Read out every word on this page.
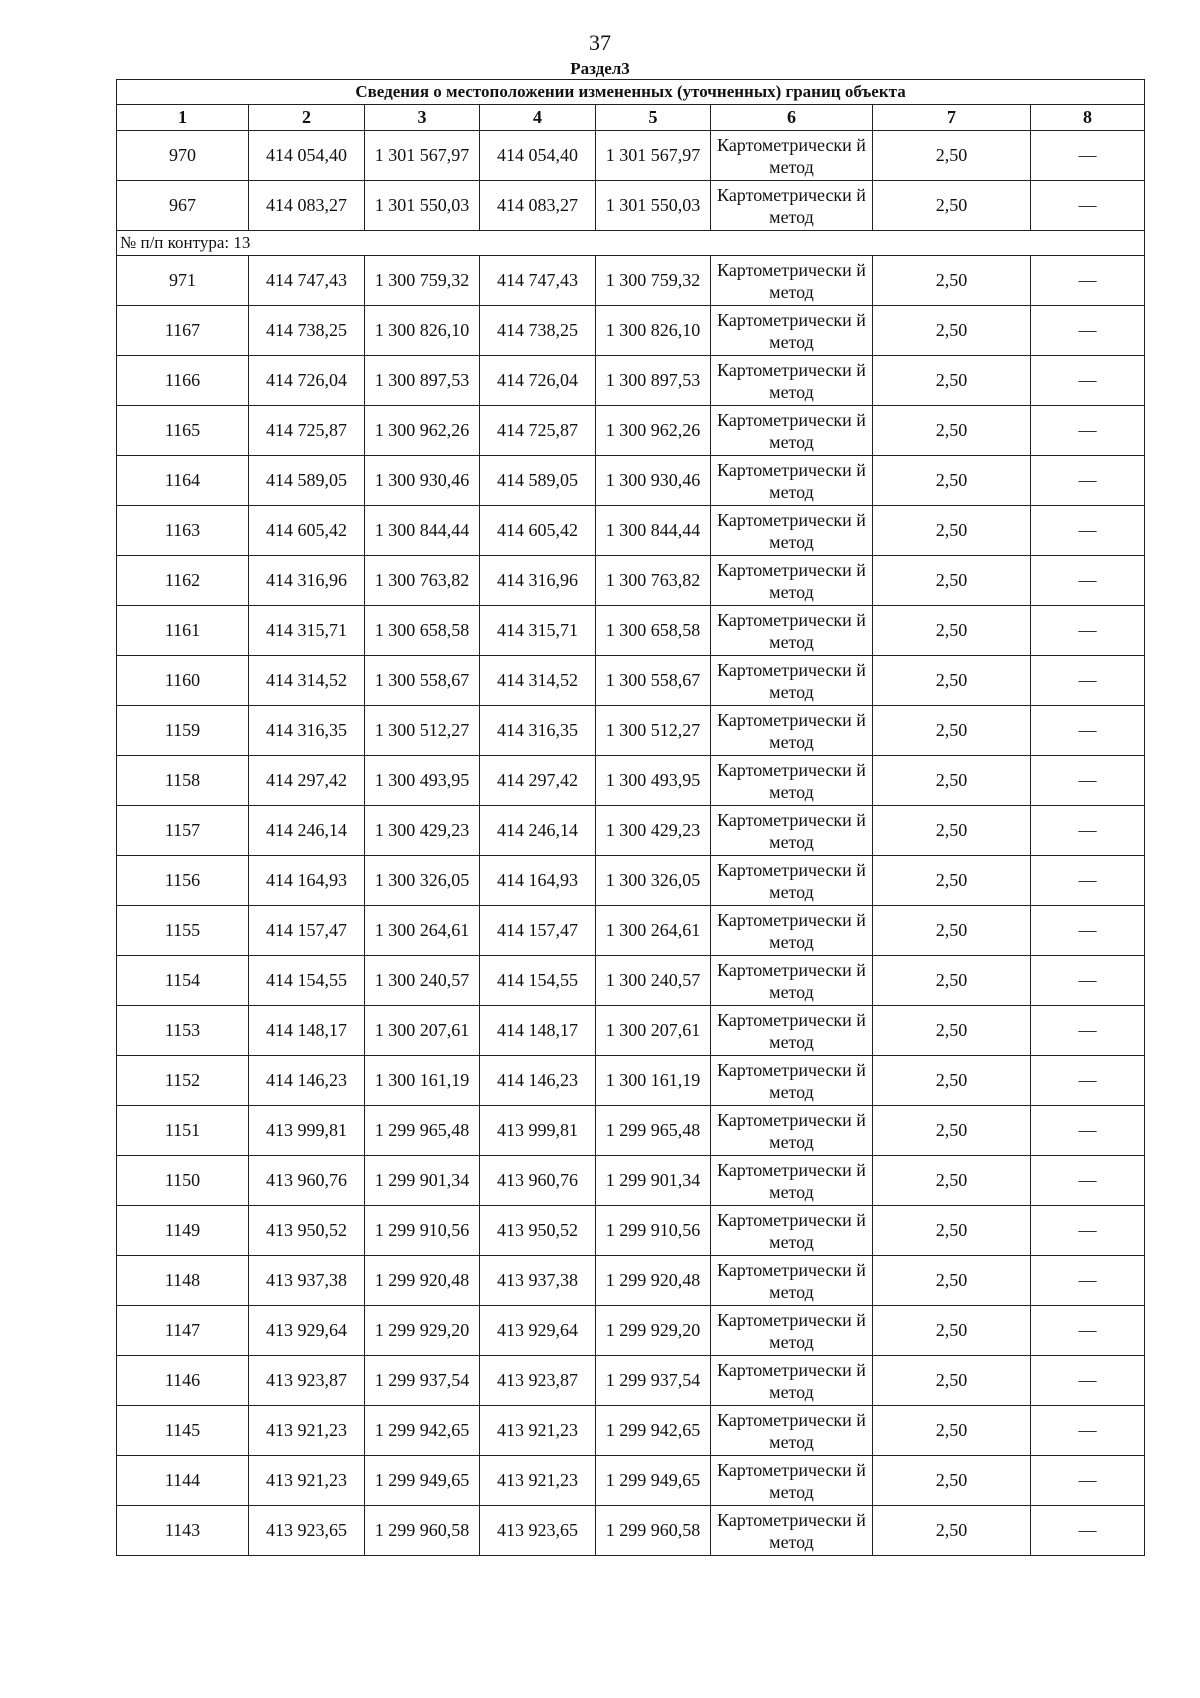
37
Раздел3
Сведения о местоположении измененных (уточненных) границ объекта							
1	2	3	4	5	6	7	8
970	414 054,40	1 301 567,97	414 054,40	1 301 567,97	Картометрически й метод	2,50	—
967	414 083,27	1 301 550,03	414 083,27	1 301 550,03	Картометрически й метод	2,50	—
№ п/п контура: 13							
971	414 747,43	1 300 759,32	414 747,43	1 300 759,32	Картометрически й метод	2,50	—
1167	414 738,25	1 300 826,10	414 738,25	1 300 826,10	Картометрически й метод	2,50	—
1166	414 726,04	1 300 897,53	414 726,04	1 300 897,53	Картометрически й метод	2,50	—
1165	414 725,87	1 300 962,26	414 725,87	1 300 962,26	Картометрически й метод	2,50	—
1164	414 589,05	1 300 930,46	414 589,05	1 300 930,46	Картометрически й метод	2,50	—
1163	414 605,42	1 300 844,44	414 605,42	1 300 844,44	Картометрически й метод	2,50	—
1162	414 316,96	1 300 763,82	414 316,96	1 300 763,82	Картометрически й метод	2,50	—
1161	414 315,71	1 300 658,58	414 315,71	1 300 658,58	Картометрически й метод	2,50	—
1160	414 314,52	1 300 558,67	414 314,52	1 300 558,67	Картометрически й метод	2,50	—
1159	414 316,35	1 300 512,27	414 316,35	1 300 512,27	Картометрически й метод	2,50	—
1158	414 297,42	1 300 493,95	414 297,42	1 300 493,95	Картометрически й метод	2,50	—
1157	414 246,14	1 300 429,23	414 246,14	1 300 429,23	Картометрически й метод	2,50	—
1156	414 164,93	1 300 326,05	414 164,93	1 300 326,05	Картометрически й метод	2,50	—
1155	414 157,47	1 300 264,61	414 157,47	1 300 264,61	Картометрически й метод	2,50	—
1154	414 154,55	1 300 240,57	414 154,55	1 300 240,57	Картометрически й метод	2,50	—
1153	414 148,17	1 300 207,61	414 148,17	1 300 207,61	Картометрически й метод	2,50	—
1152	414 146,23	1 300 161,19	414 146,23	1 300 161,19	Картометрически й метод	2,50	—
1151	413 999,81	1 299 965,48	413 999,81	1 299 965,48	Картометрически й метод	2,50	—
1150	413 960,76	1 299 901,34	413 960,76	1 299 901,34	Картометрически й метод	2,50	—
1149	413 950,52	1 299 910,56	413 950,52	1 299 910,56	Картометрически й метод	2,50	—
1148	413 937,38	1 299 920,48	413 937,38	1 299 920,48	Картометрически й метод	2,50	—
1147	413 929,64	1 299 929,20	413 929,64	1 299 929,20	Картометрически й метод	2,50	—
1146	413 923,87	1 299 937,54	413 923,87	1 299 937,54	Картометрически й метод	2,50	—
1145	413 921,23	1 299 942,65	413 921,23	1 299 942,65	Картометрически й метод	2,50	—
1144	413 921,23	1 299 949,65	413 921,23	1 299 949,65	Картометрически й метод	2,50	—
1143	413 923,65	1 299 960,58	413 923,65	1 299 960,58	Картометрически й метод	2,50	—
